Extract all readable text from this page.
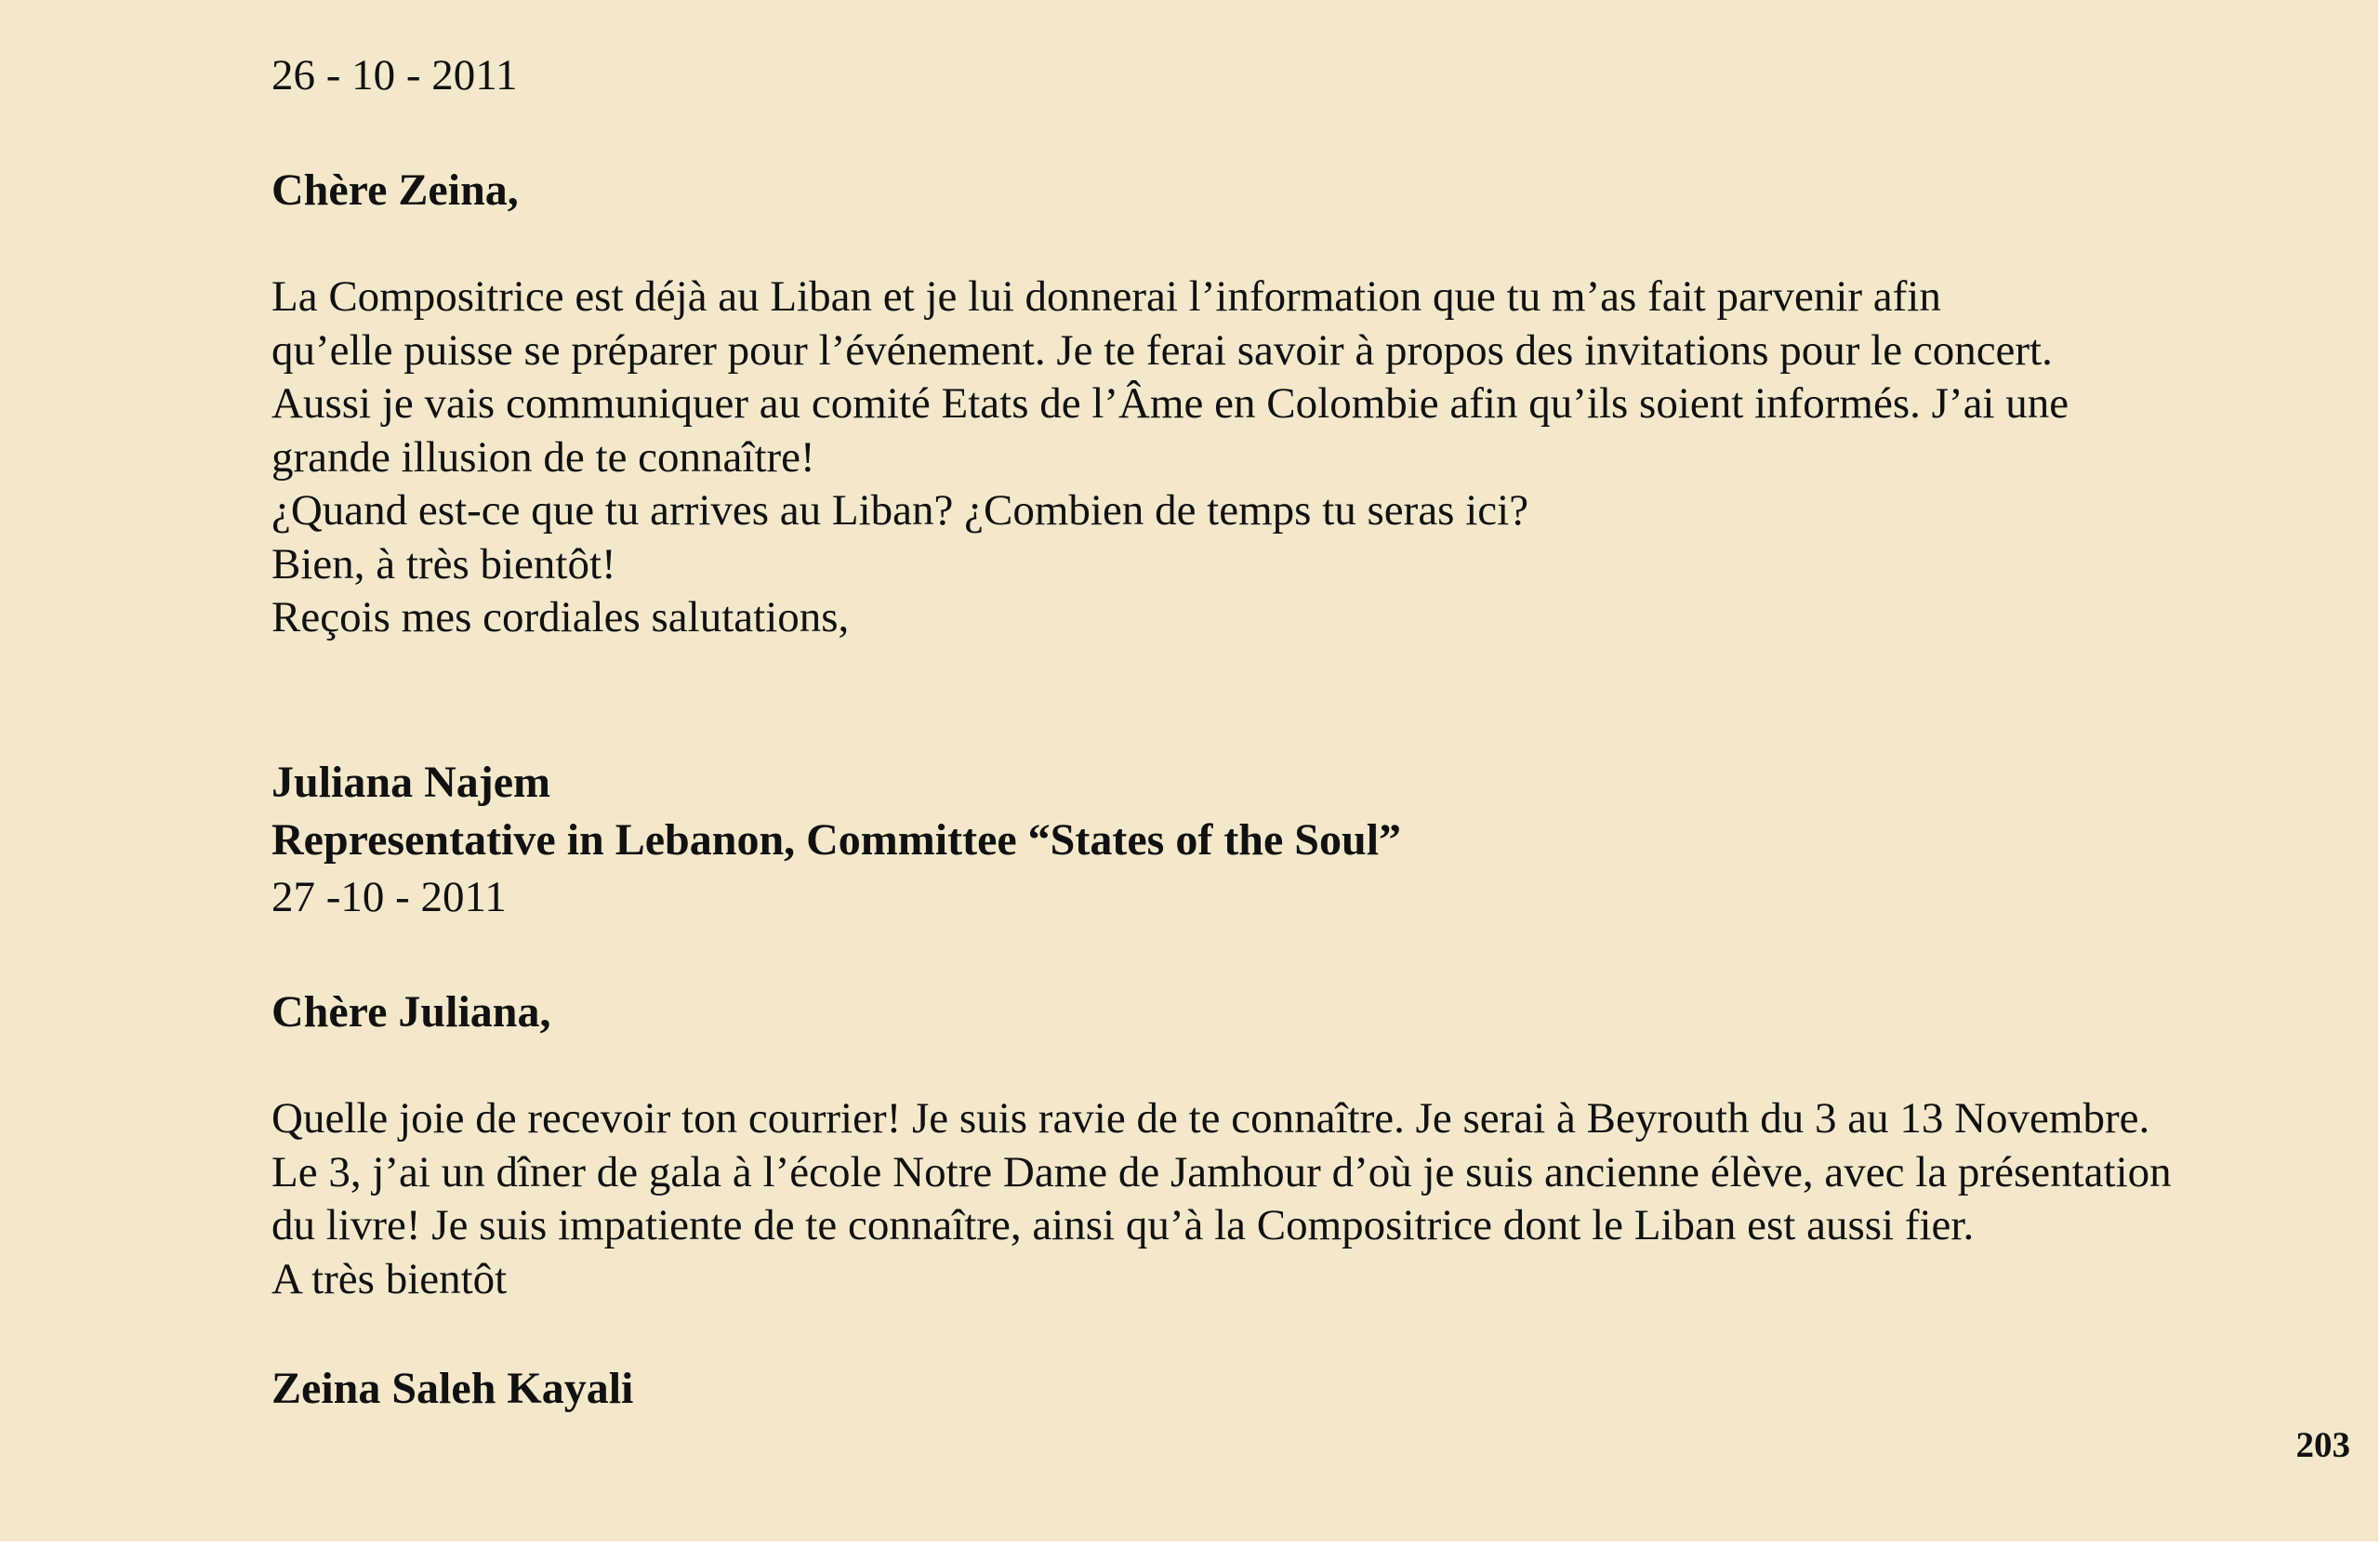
26 - 10 - 2011

Chère Zeina,

La Compositrice est déjà au Liban et je lui donnerai l’information que tu m’as fait parvenir afin
qu’elle puisse se préparer pour l’événement. Je te ferai savoir à propos des invitations pour le concert.
Aussi je vais communiquer au comité Etats de l’Âme en Colombie afin qu’ils soient informés. J’ai une
grande illusion de te connaître!
¿Quand est-ce que tu arrives au Liban? ¿Combien de temps tu seras ici?
Bien, à très bientôt!
Reçois mes cordiales salutations,

Juliana Najem

Representative in Lebanon, Committee “States of the Soul”

27 -10 - 2011

Chère Juliana,

Quelle joie de recevoir ton courrier! Je suis ravie de te connaître. Je serai à Beyrouth du 3 au 13 Novembre.
Le 3, j’ai un dîner de gala à l’école Notre Dame de Jamhour d’où je suis ancienne élève, avec la présentation
du livre! Je suis impatiente de te connaître, ainsi qu’à la Compositrice dont le Liban est aussi fier.
A très bientôt

Zeina Saleh Kayali

203
